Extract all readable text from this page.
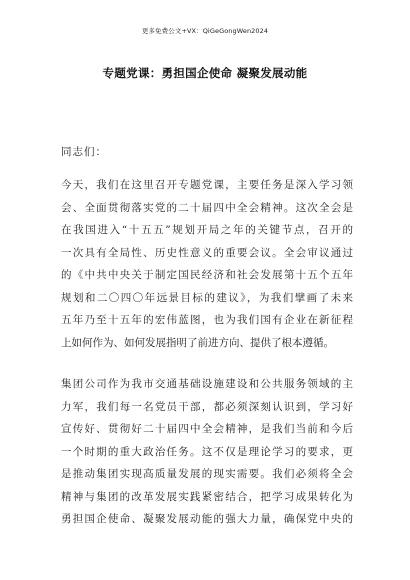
更多免费公文+VX：QiGeGongWen2024
专题党课：勇担国企使命 凝聚发展动能
同志们：
今天，我们在这里召开专题党课，主要任务是深入学习领
会、全面贯彻落实党的二十届四中全会精神。这次全会是
在我国进入“十五五”规划开局之年的关键节点，召开的
一次具有全局性、历史性意义的重要会议。全会审议通过
的《中共中央关于制定国民经济和社会发展第十五个五年
规划和二〇四〇年远景目标的建议》，为我们擘画了未来
五年乃至十五年的宏伟蓝图，也为我们国有企业在新征程
上如何作为、如何发展指明了前进方向、提供了根本遵循。
集团公司作为我市交通基础设施建设和公共服务领域的主
力军，我们每一名党员干部，都必须深刻认识到，学习好
宣传好、贯彻好二十届四中全会精神，是我们当前和今后
一个时期的重大政治任务。这不仅是理论学习的要求，更
是推动集团实现高质量发展的现实需要。我们必须将全会
精神与集团的改革发展实践紧密结合，把学习成果转化为
勇担国企使命、凝聚发展动能的强大力量，确保党中央的
